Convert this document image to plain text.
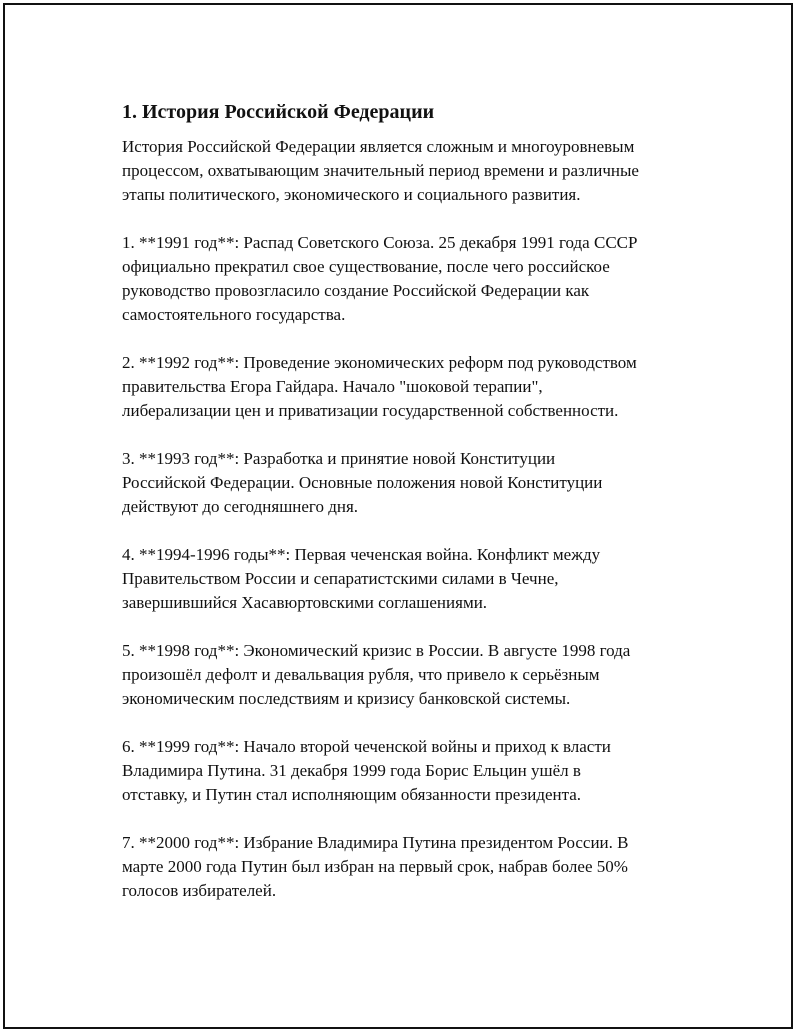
1. История Российской Федерации
История Российской Федерации является сложным и многоуровневым
процессом, охватывающим значительный период времени и различные
этапы политического, экономического и социального развития.
1. **1991 год**: Распад Советского Союза. 25 декабря 1991 года СССР
официально прекратил свое существование, после чего российское
руководство провозгласило создание Российской Федерации как
самостоятельного государства.
2. **1992 год**: Проведение экономических реформ под руководством
правительства Егора Гайдара. Начало "шоковой терапии",
либерализации цен и приватизации государственной собственности.
3. **1993 год**: Разработка и принятие новой Конституции
Российской Федерации. Основные положения новой Конституции
действуют до сегодняшнего дня.
4. **1994-1996 годы**: Первая чеченская война. Конфликт между
Правительством России и сепаратистскими силами в Чечне,
завершившийся Хасавюртовскими соглашениями.
5. **1998 год**: Экономический кризис в России. В августе 1998 года
произошёл дефолт и девальвация рубля, что привело к серьёзным
экономическим последствиям и кризису банковской системы.
6. **1999 год**: Начало второй чеченской войны и приход к власти
Владимира Путина. 31 декабря 1999 года Борис Ельцин ушёл в
отставку, и Путин стал исполняющим обязанности президента.
7. **2000 год**: Избрание Владимира Путина президентом России. В
марте 2000 года Путин был избран на первый срок, набрав более 50%
голосов избирателей.
